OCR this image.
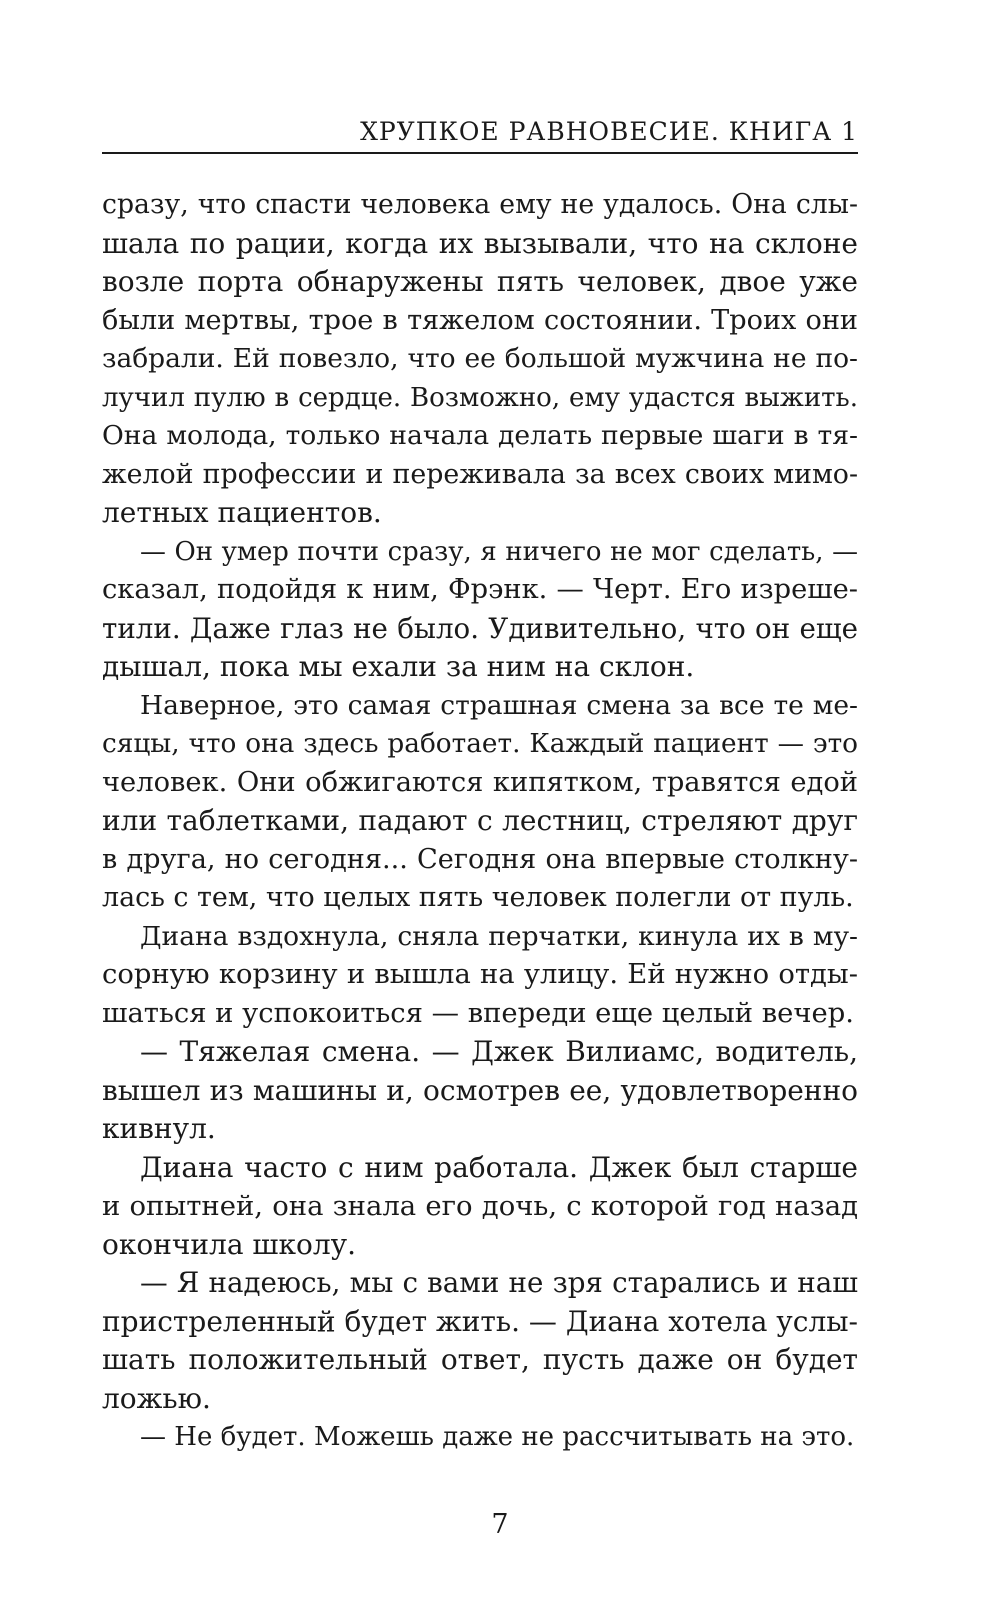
ХРУПКОЕ РАВНОВЕСИЕ. КНИГА 1
сразу, что спасти человека ему не удалось. Она слы-
шала по рации, когда их вызывали, что на склоне
возле порта обнаружены пять человек, двое уже
были мертвы, трое в тяжелом состоянии. Троих они
забрали. Ей повезло, что ее большой мужчина не по-
лучил пулю в сердце. Возможно, ему удастся выжить.
Она молода, только начала делать первые шаги в тя-
желой профессии и переживала за всех своих мимо-
летных пациентов.
— Он умер почти сразу, я ничего не мог сделать, —
сказал, подойдя к ним, Фрэнк. — Черт. Его изреше-
тили. Даже глаз не было. Удивительно, что он еще
дышал, пока мы ехали за ним на склон.
Наверное, это самая страшная смена за все те ме-
сяцы, что она здесь работает. Каждый пациент — это
человек. Они обжигаются кипятком, травятся едой
или таблетками, падают с лестниц, стреляют друг
в друга, но сегодня... Сегодня она впервые столкну-
лась с тем, что целых пять человек полегли от пуль.
Диана вздохнула, сняла перчатки, кинула их в му-
сорную корзину и вышла на улицу. Ей нужно отды-
шаться и успокоиться — впереди еще целый вечер.
— Тяжелая смена. — Джек Вилиамс, водитель,
вышел из машины и, осмотрев ее, удовлетворенно
кивнул.
Диана часто с ним работала. Джек был старше
и опытней, она знала его дочь, с которой год назад
окончила школу.
— Я надеюсь, мы с вами не зря старались и наш
пристреленный будет жить. — Диана хотела услы-
шать положительный ответ, пусть даже он будет
ложью.
— Не будет. Можешь даже не рассчитывать на это.
7
